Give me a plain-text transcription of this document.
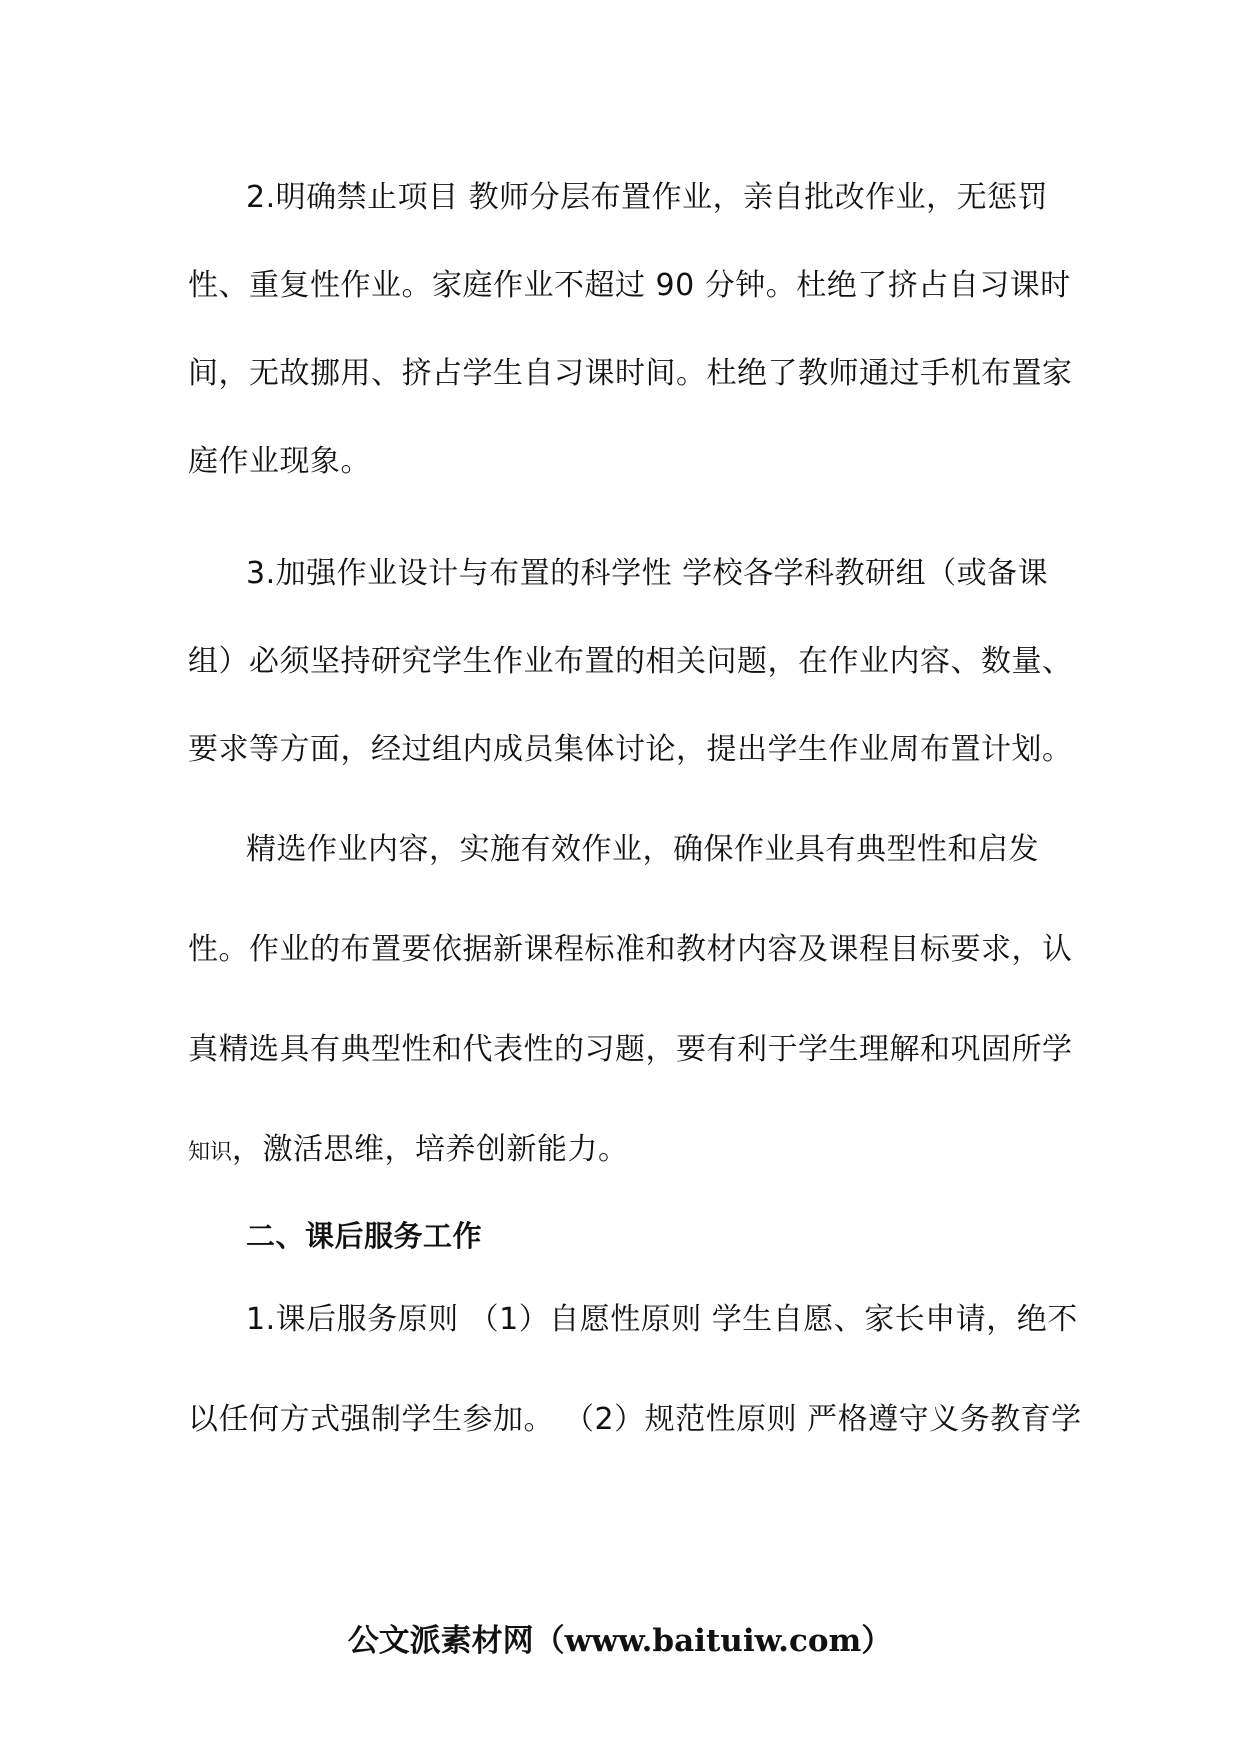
2.明确禁止项目 教师分层布置作业，亲自批改作业，无惩罚
性、重复性作业。家庭作业不超过 90 分钟。杜绝了挤占自习课时
间，无故挪用、挤占学生自习课时间。杜绝了教师通过手机布置家
庭作业现象。
3.加强作业设计与布置的科学性 学校各学科教研组（或备课
组）必须坚持研究学生作业布置的相关问题，在作业内容、数量、
要求等方面，经过组内成员集体讨论，提出学生作业周布置计划。
精选作业内容，实施有效作业，确保作业具有典型性和启发
性。作业的布置要依据新课程标准和教材内容及课程目标要求，认
真精选具有典型性和代表性的习题，要有利于学生理解和巩固所学
知识，激活思维，培养创新能力。
二、课后服务工作
1.课后服务原则 （1）自愿性原则 学生自愿、家长申请，绝不
以任何方式强制学生参加。 （2）规范性原则 严格遵守义务教育学
公文派素材网（www.baituiw.com）
